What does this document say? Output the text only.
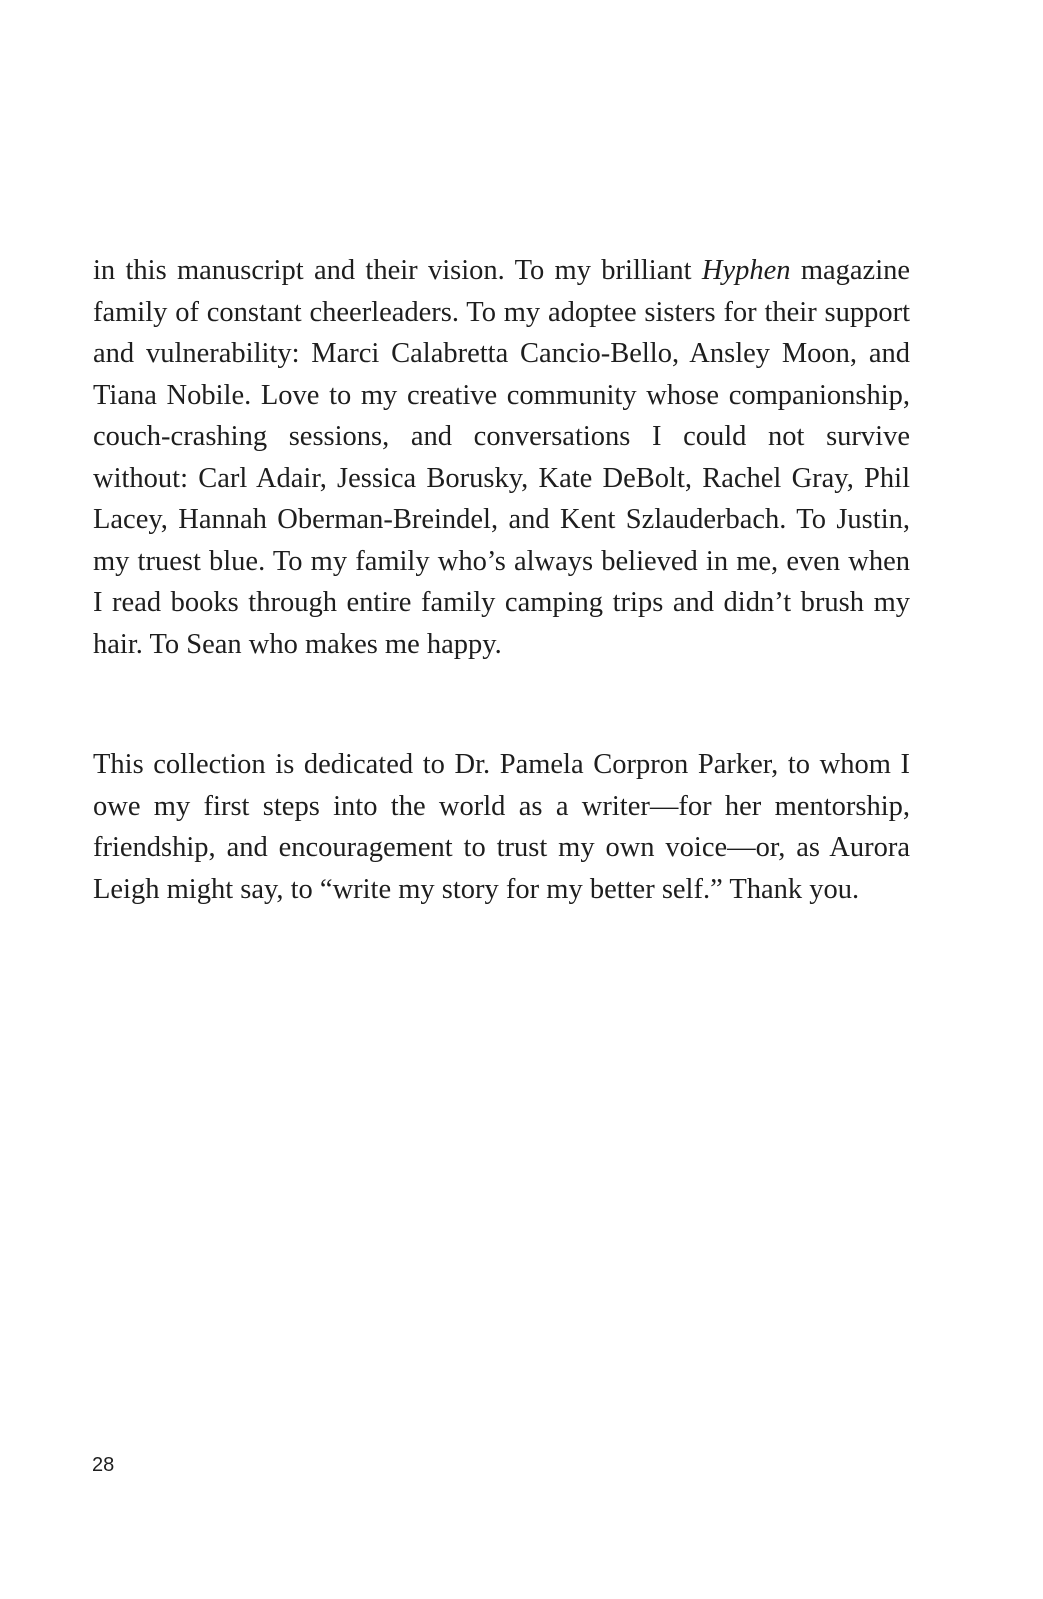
in this manuscript and their vision. To my brilliant Hyphen magazine family of constant cheerleaders. To my adoptee sisters for their support and vulnerability: Marci Calabretta Cancio-Bello, Ansley Moon, and Tiana Nobile. Love to my creative community whose companionship, couch-crashing sessions, and conversations I could not survive without: Carl Adair, Jessica Borusky, Kate DeBolt, Rachel Gray, Phil Lacey, Hannah Oberman-Breindel, and Kent Szlauderbach. To Justin, my truest blue. To my family who’s always believed in me, even when I read books through entire family camping trips and didn’t brush my hair. To Sean who makes me happy.

This collection is dedicated to Dr. Pamela Corpron Parker, to whom I owe my first steps into the world as a writer—for her mentorship, friendship, and encouragement to trust my own voice—or, as Aurora Leigh might say, to “write my story for my better self.” Thank you.

28
